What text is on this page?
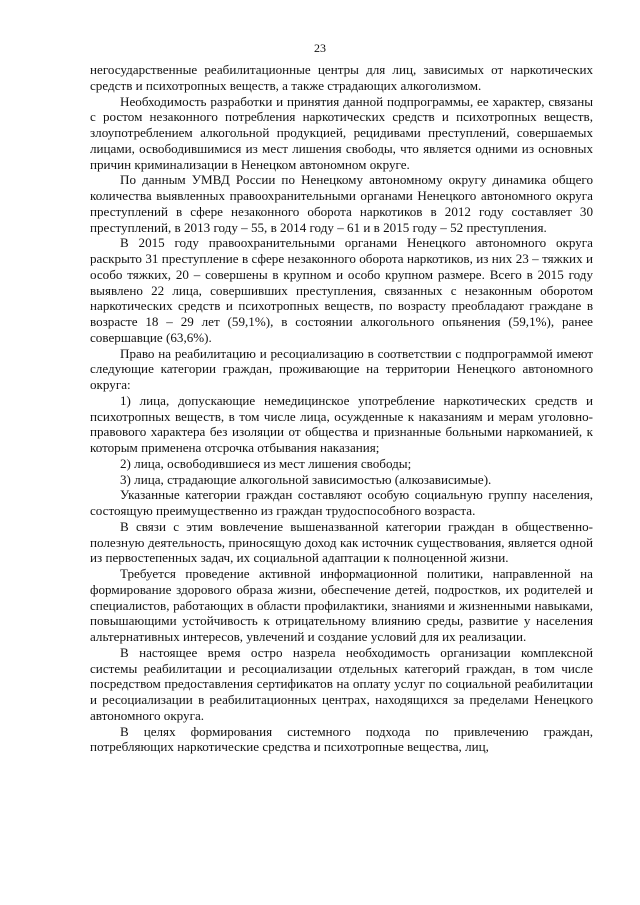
23

негосударственные реабилитационные центры для лиц, зависимых от наркотических средств и психотропных веществ, а также страдающих алкоголизмом.

Необходимость разработки и принятия данной подпрограммы, ее характер, связаны с ростом незаконного потребления наркотических средств и психотропных веществ, злоупотреблением алкогольной продукцией, рецидивами преступлений, совершаемых лицами, освободившимися из мест лишения свободы, что является одними из основных причин криминализации в Ненецком автономном округе.

По данным УМВД России по Ненецкому автономному округу динамика общего количества выявленных правоохранительными органами Ненецкого автономного округа преступлений в сфере незаконного оборота наркотиков в 2012 году составляет 30 преступлений, в 2013 году – 55, в 2014 году – 61 и в 2015 году – 52 преступления.

В 2015 году правоохранительными органами Ненецкого автономного округа раскрыто 31 преступление в сфере незаконного оборота наркотиков, из них 23 – тяжких и особо тяжких, 20 – совершены в крупном и особо крупном размере. Всего в 2015 году выявлено 22 лица, совершивших преступления, связанных с незаконным оборотом наркотических средств и психотропных веществ, по возрасту преобладают граждане в возрасте 18 – 29 лет (59,1%), в состоянии алкогольного опьянения (59,1%), ранее совершавцие (63,6%).

Право на реабилитацию и ресоциализацию в соответствии с подпрограммой имеют следующие категории граждан, проживающие на территории Ненецкого автономного округа:

1) лица, допускающие немедицинское употребление наркотических средств и психотропных веществ, в том числе лица, осужденные к наказаниям и мерам уголовно-правового характера без изоляции от общества и признанные больными наркоманией, к которым применена отсрочка отбывания наказания;

2) лица, освободившиеся из мест лишения свободы;

3) лица, страдающие алкогольной зависимостью (алкозависимые).

Указанные категории граждан составляют особую социальную группу населения, состоящую преимущественно из граждан трудоспособного возраста.

В связи с этим вовлечение вышеназванной категории граждан в общественно-полезную деятельность, приносящую доход как источник существования, является одной из первостепенных задач, их социальной адаптации к полноценной жизни.

Требуется проведение активной информационной политики, направленной на формирование здорового образа жизни, обеспечение детей, подростков, их родителей и специалистов, работающих в области профилактики, знаниями и жизненными навыками, повышающими устойчивость к отрицательному влиянию среды, развитие у населения альтернативных интересов, увлечений и создание условий для их реализации.

В настоящее время остро назрела необходимость организации комплексной системы реабилитации и ресоциализации отдельных категорий граждан, в том числе посредством предоставления сертификатов на оплату услуг по социальной реабилитации и ресоциализации в реабилитационных центрах, находящихся за пределами Ненецкого автономного округа.

В целях формирования системного подхода по привлечению граждан, потребляющих наркотические средства и психотропные вещества, лиц,
